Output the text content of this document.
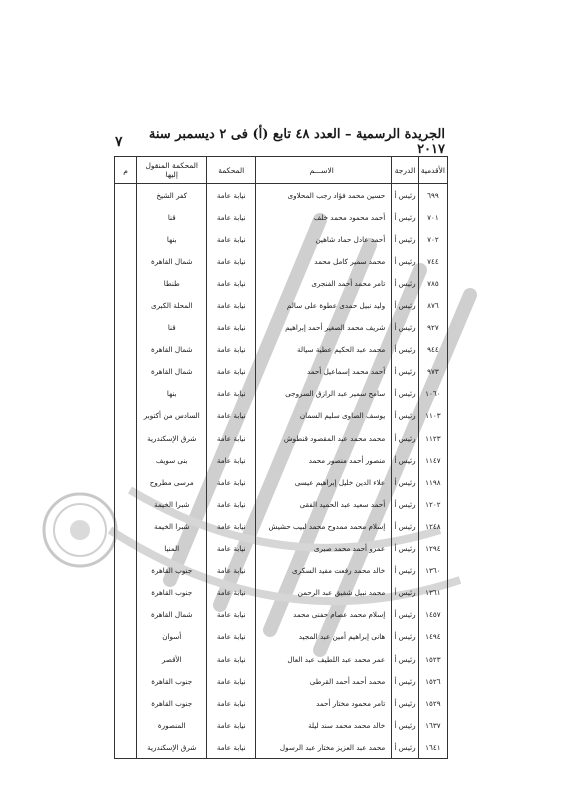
الجريدة الرسمية – العدد ٤٨ تابع (أ) فى ٢ ديسمبر سنة ٢٠١٧
٧
الأقدمية	الدرجة	الاســـم	المحكمة	المحكمة المنقول إليها	م
٦٩٩	رئيس أ	حسين محمد فؤاد رجب المحلاوى	نيابة عامة	كفر الشيخ	
٧٠١	رئيس أ	أحمد محمود محمد خلف	نيابة عامة	قنا	
٧٠٢	رئيس أ	أحمد عادل حماد شاهين	نيابة عامة	بنها	
٧٤٤	رئيس أ	محمد سمير كامل محمد	نيابة عامة	شمال القاهرة	
٧٨٥	رئيس أ	تامر محمد أحمد الفنجرى	نيابة عامة	طنطا	
٨٧٦	رئيس أ	وليد نبيل حمدى عطوة على سالم	نيابة عامة	المحلة الكبرى	
٩٢٧	رئيس أ	شريف محمد الصغير أحمد إبراهيم	نيابة عامة	قنا	
٩٤٤	رئيس أ	محمد عبد الحكيم عطية سيالة	نيابة عامة	شمال القاهرة	
٩٧٣	رئيس أ	أحمد محمد إسماعيل أحمد	نيابة عامة	شمال القاهرة	
١٠٦٠	رئيس أ	سامح سمير عبد الرازق السروجى	نيابة عامة	بنها	
١١٠٣	رئيس أ	يوسف الصاوى سليم السمان	نيابة عامة	السادس من أكتوبر	
١١٢٣	رئيس أ	محمد محمد عبد المقصود قنطوش	نيابة عامة	شرق الإسكندرية	
١١٤٧	رئيس أ	منصور أحمد منصور محمد	نيابة عامة	بنى سويف	
١١٩٨	رئيس أ	علاء الدين خليل إبراهيم عيسى	نيابة عامة	مرسى مطروح	
١٢٠٢	رئيس أ	أحمد سعيد عبد الحميد الفقى	نيابة عامة	شبرا الخيمة	
١٢٤٨	رئيس أ	إسلام محمد ممدوح محمد لبيب حشيش	نيابة عامة	شبرا الخيمة	
١٢٩٤	رئيس أ	عمرو أحمد محمد صبرى	نيابة عامة	المنيا	
١٣٦٠	رئيس أ	خالد محمد رفعت مفيد السكرى	نيابة عامة	جنوب القاهرة	
١٣٦١	رئيس أ	محمد نبيل شفيق عبد الرحمن	نيابة عامة	جنوب القاهرة	
١٤٥٧	رئيس أ	إسلام محمد عصام حفنى محمد	نيابة عامة	شمال القاهرة	
١٤٩٤	رئيس أ	هانى إبراهيم أمين عبد المجيد	نيابة عامة	أسوان	
١٥٢٣	رئيس أ	عمر محمد عبد اللطيف عبد العال	نيابة عامة	الأقصر	
١٥٢٦	رئيس أ	محمد أحمد أحمد القرطى	نيابة عامة	جنوب القاهرة	
١٥٢٩	رئيس أ	تامر محمود مختار أحمد	نيابة عامة	جنوب القاهرة	
١٦٣٧	رئيس أ	خالد محمد محمد سند ليلة	نيابة عامة	المنصورة	
١٦٤١	رئيس أ	محمد عبد العزيز مختار عبد الرسول	نيابة عامة	شرق الإسكندرية	
